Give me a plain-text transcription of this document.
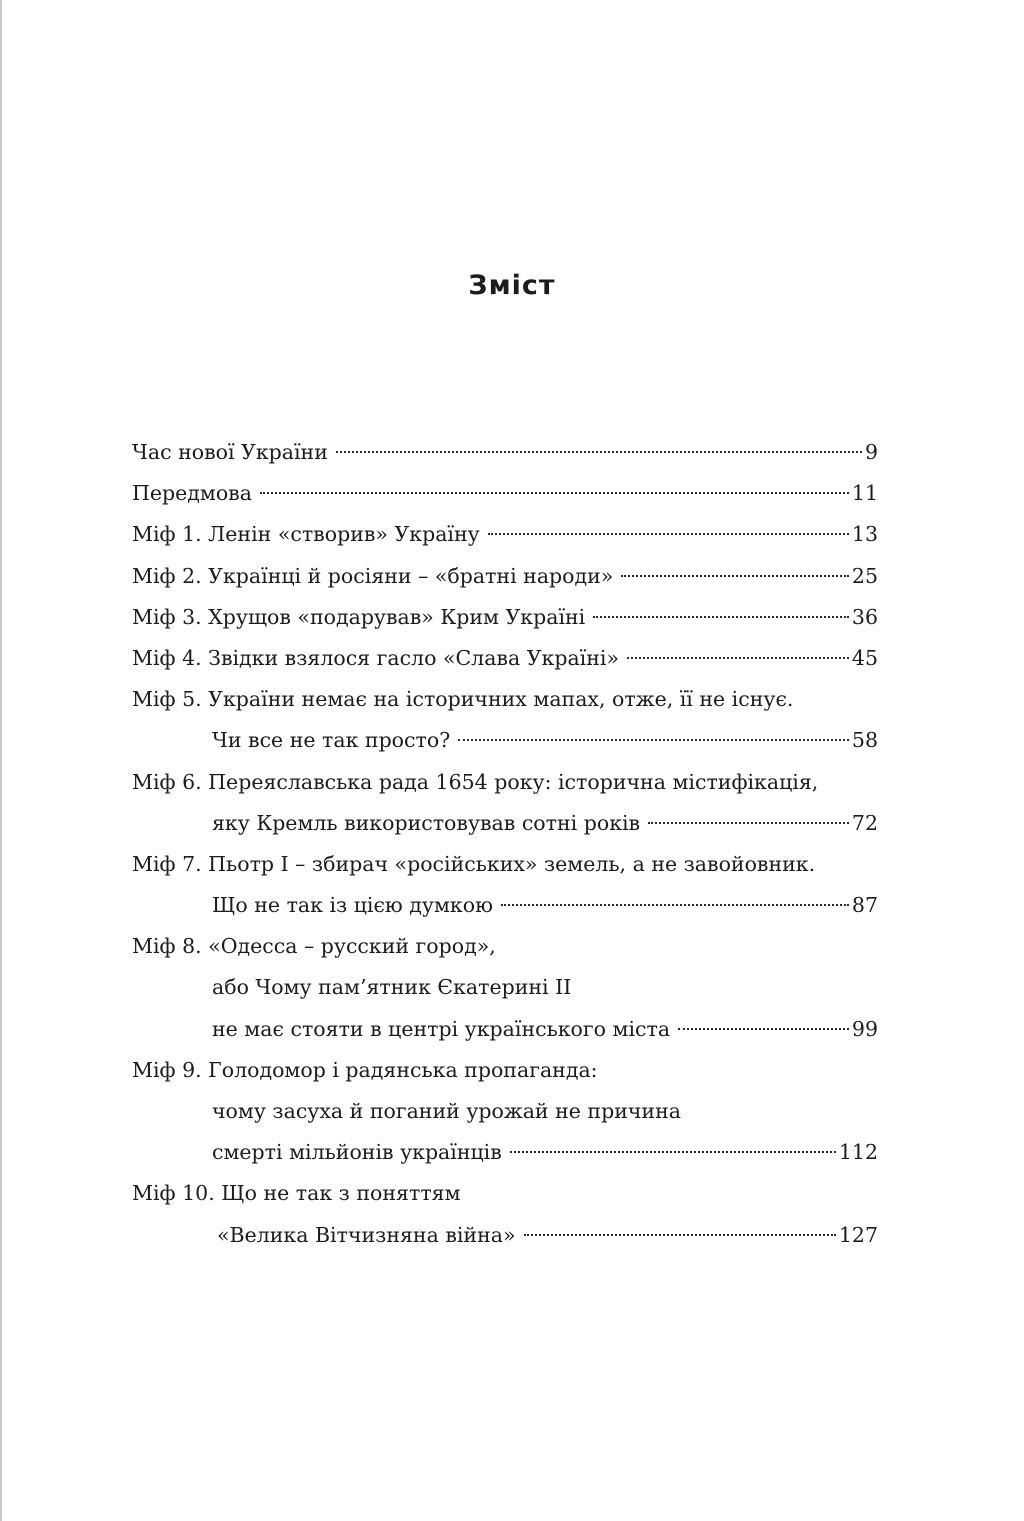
Зміст
Час нової України	9
Передмова	11
Міф 1. Ленін «створив» Україну	13
Міф 2. Українці й росіяни – «братні народи»	25
Міф 3. Хрущов «подарував» Крим Україні	36
Міф 4. Звідки взялося гасло «Слава Україні»	45
Міф 5. України немає на історичних мапах, отже, її не існує.
Чи все не так просто?	58
Міф 6. Переяславська рада 1654 року: історична містифікація,
яку Кремль використовував сотні років	72
Міф 7. Пьотр I – збирач «російських» земель, а не завойовник.
Що не так із цією думкою	87
Міф 8. «Одесса – русский город»,
або Чому пам’ятник Єкатерині II
не має стояти в центрі українського міста	99
Міф 9. Голодомор і радянська пропаганда:
чому засуха й поганий урожай не причина
смерті мільйонів українців	112
Міф 10. Що не так з поняттям
«Велика Вітчизняна війна»	127
